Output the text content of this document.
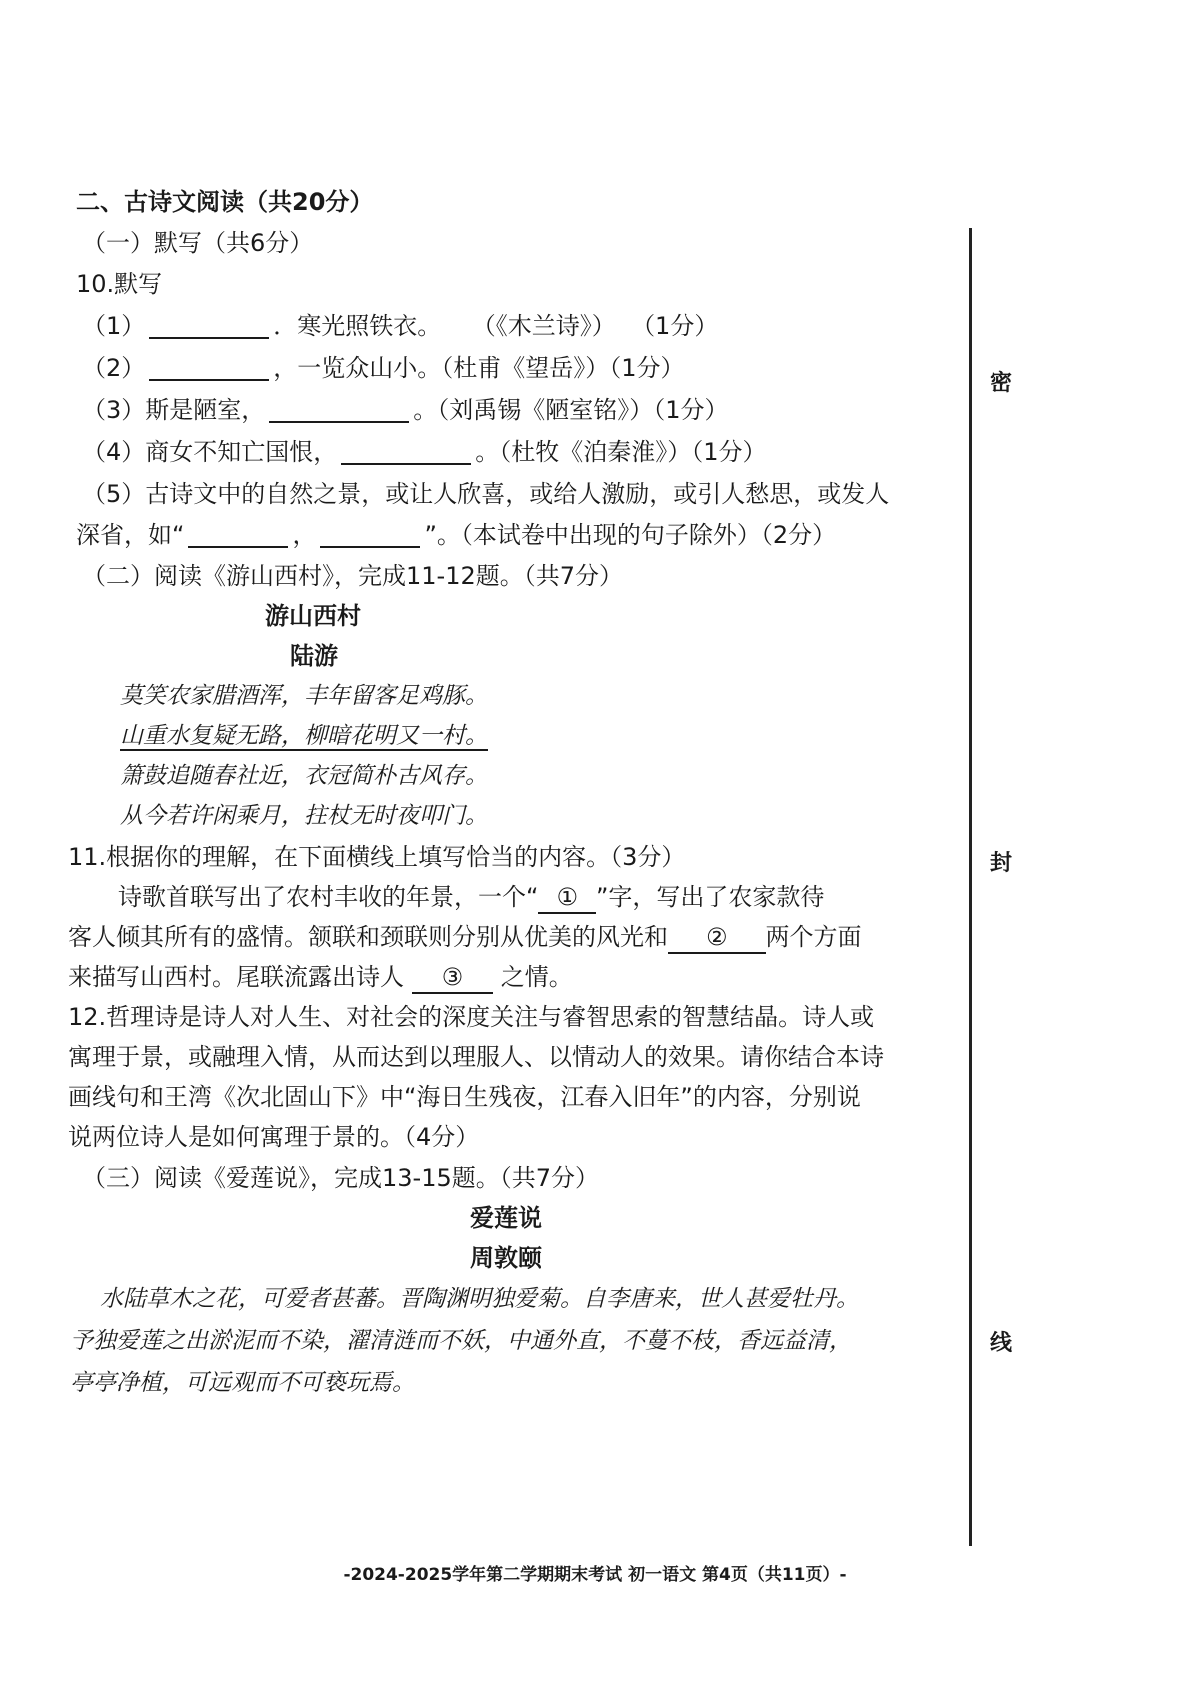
二、古诗文阅读（共20分）
（一）默写（共6分）
10.默写
（1）	．寒光照铁衣。 （《木兰诗》） （1分）
（2）	，一览众山小。（杜甫《望岳》）（1分）
（3）斯是陋室，	。（刘禹锡《陋室铭》）（1分）
（4）商女不知亡国恨，	。（杜牧《泊秦淮》）（1分）
（5）古诗文中的自然之景，或让人欣喜，或给人激励，或引人愁思，或发人
深省，如“	，	”。（本试卷中出现的句子除外）（2分）
（二）阅读《游山西村》，完成11-12题。（共7分）
游山西村
陆游
莫笑农家腊酒浑，丰年留客足鸡豚。
山重水复疑无路，柳暗花明又一村。
箫鼓追随春社近，衣冠简朴古风存。
从今若许闲乘月，拄杖无时夜叩门。
11.根据你的理解，在下面横线上填写恰当的内容。（3分）
诗歌首联写出了农村丰收的年景，一个“ ① ”字，写出了农家款待
客人倾其所有的盛情。颔联和颈联则分别从优美的风光和 ② 两个方面
来描写山西村。尾联流露出诗人 ③ 之情。
12.哲理诗是诗人对人生、对社会的深度关注与睿智思索的智慧结晶。诗人或
寓理于景，或融理入情，从而达到以理服人、以情动人的效果。请你结合本诗
画线句和王湾《次北固山下》中“海日生残夜，江春入旧年”的内容，分别说
说两位诗人是如何寓理于景的。（4分）
（三）阅读《爱莲说》，完成13-15题。（共7分）
爱莲说
周敦颐
水陆草木之花，可爱者甚蕃。晋陶渊明独爱菊。自李唐来，世人甚爱牡丹。
予独爱莲之出淤泥而不染，濯清涟而不妖，中通外直，不蔓不枝，香远益清，
亭亭净植，可远观而不可亵玩焉。
密
封
线
-2024-2025学年第二学期期末考试 初一语文 第4页（共11页）-
